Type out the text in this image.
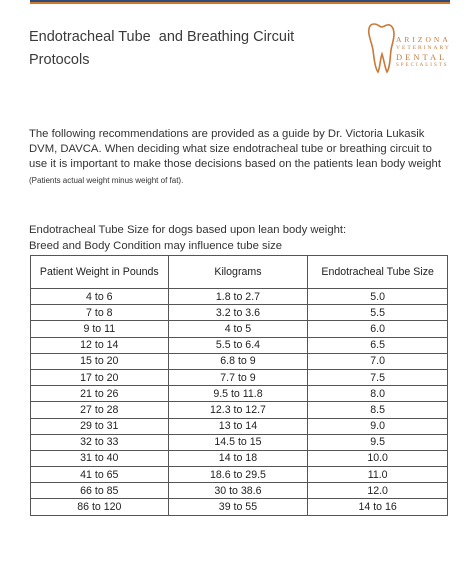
Endotracheal Tube  and Breathing Circuit
Protocols
ARIZONA
VETERINARY
DENTAL
SPECIALISTS
The following recommendations are provided as a guide by Dr. Victoria Lukasik DVM, DAVCA. When deciding what size endotracheal tube or breathing circuit to use it is important to make those decisions based on the patients lean body weight (Patients actual weight minus weight of fat).
Endotracheal Tube Size for dogs based upon lean body weight:
Breed and Body Condition may influence tube size
Patient Weight in Pounds	Kilograms	Endotracheal Tube Size
4 to 6	1.8 to 2.7	5.0
7 to 8	3.2 to 3.6	5.5
9 to 11	4 to 5	6.0
12 to 14	5.5 to 6.4	6.5
15 to 20	6.8 to 9	7.0
17 to 20	7.7 to 9	7.5
21 to 26	9.5 to 11.8	8.0
27 to 28	12.3 to 12.7	8.5
29 to 31	13 to 14	9.0
32 to 33	14.5 to 15	9.5
31 to 40	14 to 18	10.0
41 to 65	18.6 to 29.5	11.0
66 to 85	30 to 38.6	12.0
86 to 120	39 to 55	14 to 16
